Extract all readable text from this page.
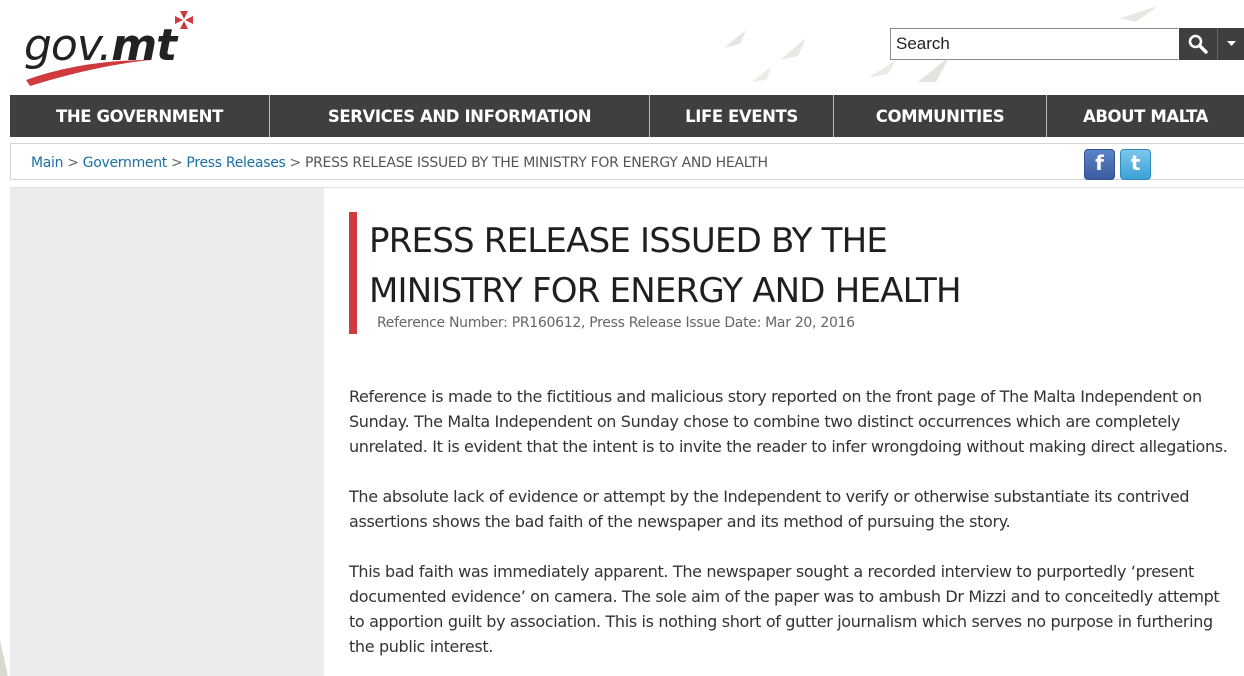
gov.mt
Search
THE GOVERNMENT	SERVICES AND INFORMATION	LIFE EVENTS	COMMUNITIES	ABOUT MALTA
Main > Government > Press Releases > PRESS RELEASE ISSUED BY THE MINISTRY FOR ENERGY AND HEALTH	f	t
PRESS RELEASE ISSUED BY THE MINISTRY FOR ENERGY AND HEALTH
Reference Number: PR160612, Press Release Issue Date: Mar 20, 2016

Reference is made to the fictitious and malicious story reported on the front page of The Malta Independent on Sunday. The Malta Independent on Sunday chose to combine two distinct occurrences which are completely unrelated. It is evident that the intent is to invite the reader to infer wrongdoing without making direct allegations.

The absolute lack of evidence or attempt by the Independent to verify or otherwise substantiate its contrived assertions shows the bad faith of the newspaper and its method of pursuing the story.

This bad faith was immediately apparent. The newspaper sought a recorded interview to purportedly ‘present documented evidence’ on camera. The sole aim of the paper was to ambush Dr Mizzi and to conceitedly attempt to apportion guilt by association. This is nothing short of gutter journalism which serves no purpose in furthering the public interest.
